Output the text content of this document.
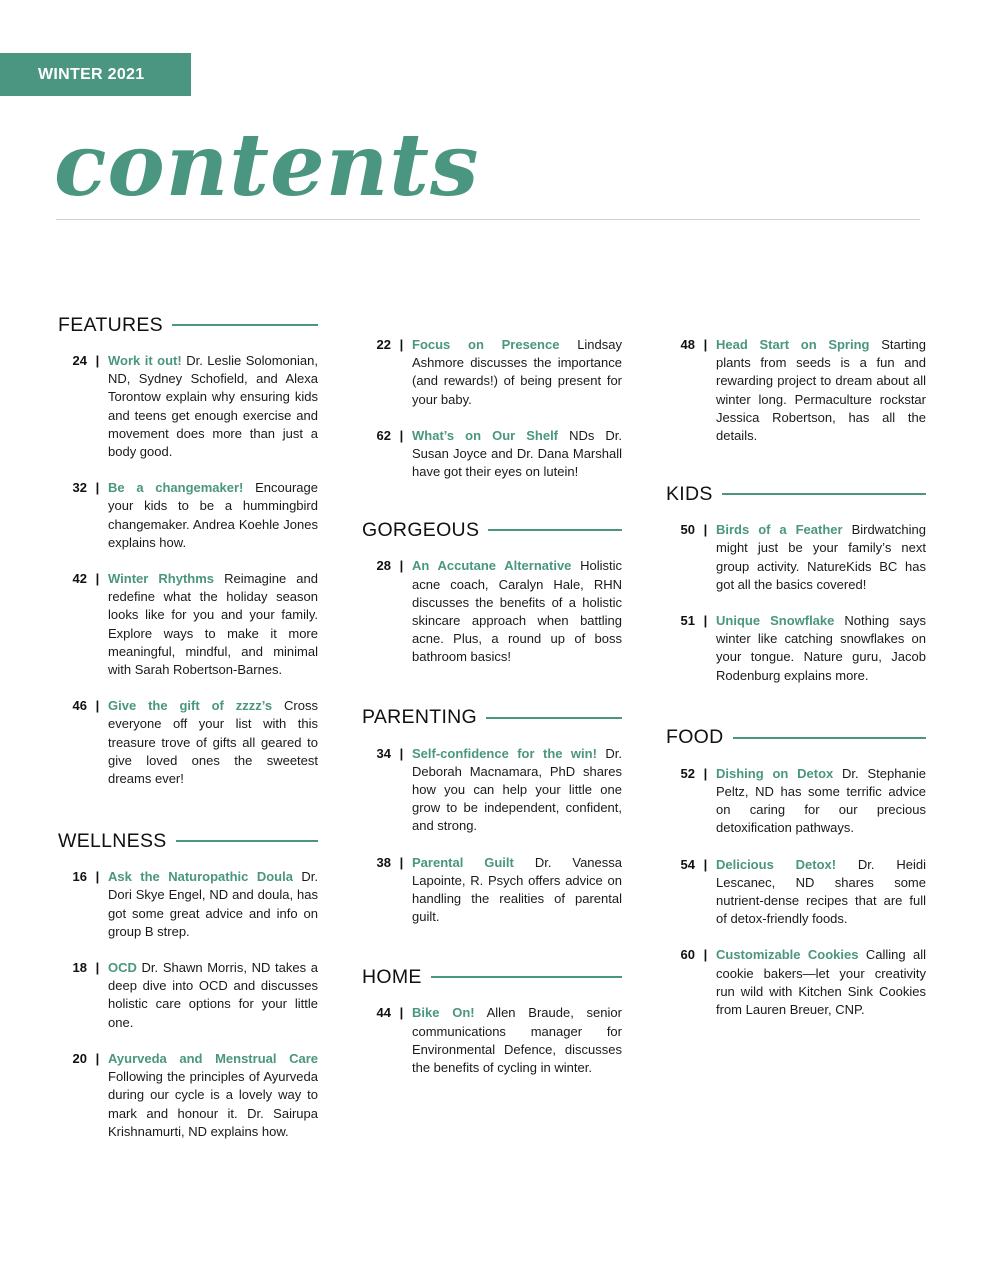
WINTER 2021
contents
FEATURES
24 | Work it out! Dr. Leslie Solomonian, ND, Sydney Schofield, and Alexa Torontow explain why ensuring kids and teens get enough exercise and movement does more than just a body good.
32 | Be a changemaker! Encourage your kids to be a hummingbird changemaker. Andrea Koehle Jones explains how.
42 | Winter Rhythms Reimagine and redefine what the holiday season looks like for you and your family. Explore ways to make it more meaningful, mindful, and minimal with Sarah Robertson-Barnes.
46 | Give the gift of zzzz’s Cross everyone off your list with this treasure trove of gifts all geared to give loved ones the sweetest dreams ever!
WELLNESS
16 | Ask the Naturopathic Doula Dr. Dori Skye Engel, ND and doula, has got some great advice and info on group B strep.
18 | OCD Dr. Shawn Morris, ND takes a deep dive into OCD and discusses holistic care options for your little one.
20 | Ayurveda and Menstrual Care Following the principles of Ayurveda during our cycle is a lovely way to mark and honour it. Dr. Sairupa Krishnamurti, ND explains how.
22 | Focus on Presence Lindsay Ashmore discusses the importance (and rewards!) of being present for your baby.
62 | What’s on Our Shelf NDs Dr. Susan Joyce and Dr. Dana Marshall have got their eyes on lutein!
GORGEOUS
28 | An Accutane Alternative Holistic acne coach, Caralyn Hale, RHN discusses the benefits of a holistic skincare approach when battling acne. Plus, a round up of boss bathroom basics!
PARENTING
34 | Self-confidence for the win! Dr. Deborah Macnamara, PhD shares how you can help your little one grow to be independent, confident, and strong.
38 | Parental Guilt Dr. Vanessa Lapointe, R. Psych offers advice on handling the realities of parental guilt.
HOME
44 | Bike On! Allen Braude, senior communications manager for Environmental Defence, discusses the benefits of cycling in winter.
48 | Head Start on Spring Starting plants from seeds is a fun and rewarding project to dream about all winter long. Permaculture rockstar Jessica Robertson, has all the details.
KIDS
50 | Birds of a Feather Birdwatching might just be your family’s next group activity. NatureKids BC has got all the basics covered!
51 | Unique Snowflake Nothing says winter like catching snowflakes on your tongue. Nature guru, Jacob Rodenburg explains more.
FOOD
52 | Dishing on Detox Dr. Stephanie Peltz, ND has some terrific advice on caring for our precious detoxification pathways.
54 | Delicious Detox! Dr. Heidi Lescanec, ND shares some nutrient-dense recipes that are full of detox-friendly foods.
60 | Customizable Cookies Calling all cookie bakers—let your creativity run wild with Kitchen Sink Cookies from Lauren Breuer, CNP.
